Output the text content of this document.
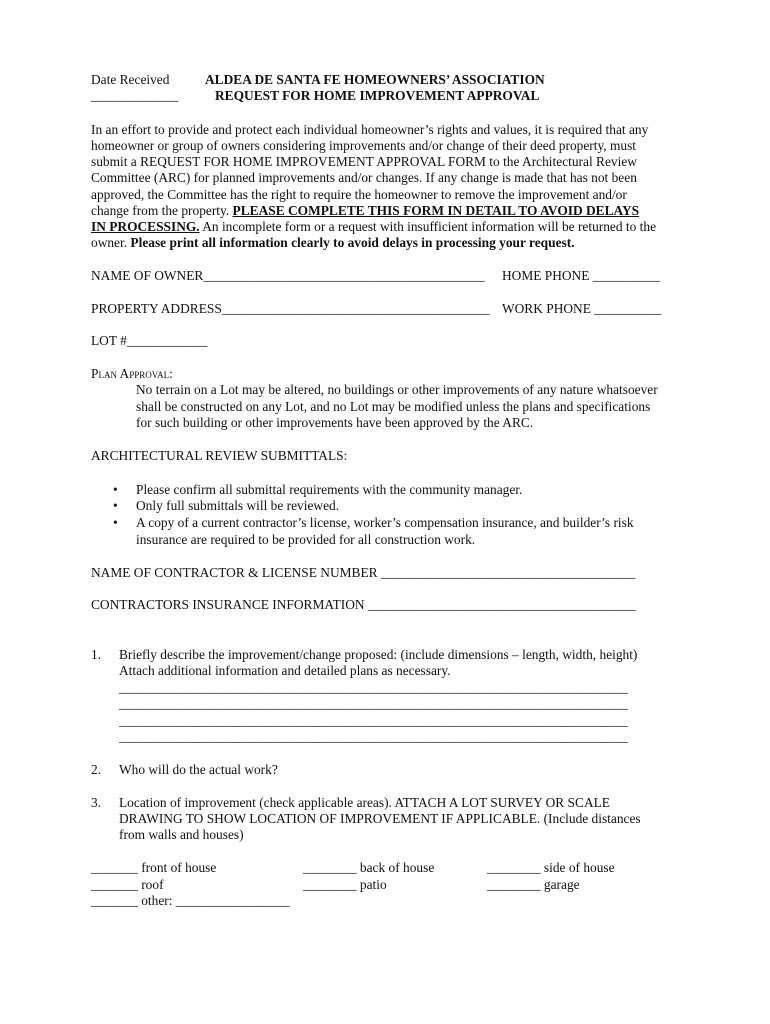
Date Received
_____________
ALDEA DE SANTA FE HOMEOWNERS’ ASSOCIATION
REQUEST FOR HOME IMPROVEMENT APPROVAL
In an effort to provide and protect each individual homeowner’s rights and values, it is required that any
homeowner or group of owners considering improvements and/or change of their deed property, must
submit a REQUEST FOR HOME IMPROVEMENT APPROVAL FORM to the Architectural Review
Committee (ARC) for planned improvements and/or changes. If any change is made that has not been
approved, the Committee has the right to require the homeowner to remove the improvement and/or
change from the property. PLEASE COMPLETE THIS FORM IN DETAIL TO AVOID DELAYS
IN PROCESSING. An incomplete form or a request with insufficient information will be returned to the
owner. Please print all information clearly to avoid delays in processing your request.
NAME OF OWNER__________________________________________ HOME PHONE __________
PROPERTY ADDRESS________________________________________ WORK PHONE __________
LOT #____________
Plan Approval:
No terrain on a Lot may be altered, no buildings or other improvements of any nature whatsoever
shall be constructed on any Lot, and no Lot may be modified unless the plans and specifications
for such building or other improvements have been approved by the ARC.
ARCHITECTURAL REVIEW SUBMITTALS:
• Please confirm all submittal requirements with the community manager.
• Only full submittals will be reviewed.
• A copy of a current contractor’s license, worker’s compensation insurance, and builder’s risk
insurance are required to be provided for all construction work.
NAME OF CONTRACTOR & LICENSE NUMBER ______________________________________
CONTRACTORS INSURANCE INFORMATION ________________________________________
1. Briefly describe the improvement/change proposed: (include dimensions – length, width, height)
Attach additional information and detailed plans as necessary.
____________________________________________________________________________
____________________________________________________________________________
____________________________________________________________________________
____________________________________________________________________________
2. Who will do the actual work?
3. Location of improvement (check applicable areas). ATTACH A LOT SURVEY OR SCALE
DRAWING TO SHOW LOCATION OF IMPROVEMENT IF APPLICABLE. (Include distances
from walls and houses)
_______ front of house	________ back of house	________ side of house
_______ roof	________ patio	________ garage
_______ other: _________________
